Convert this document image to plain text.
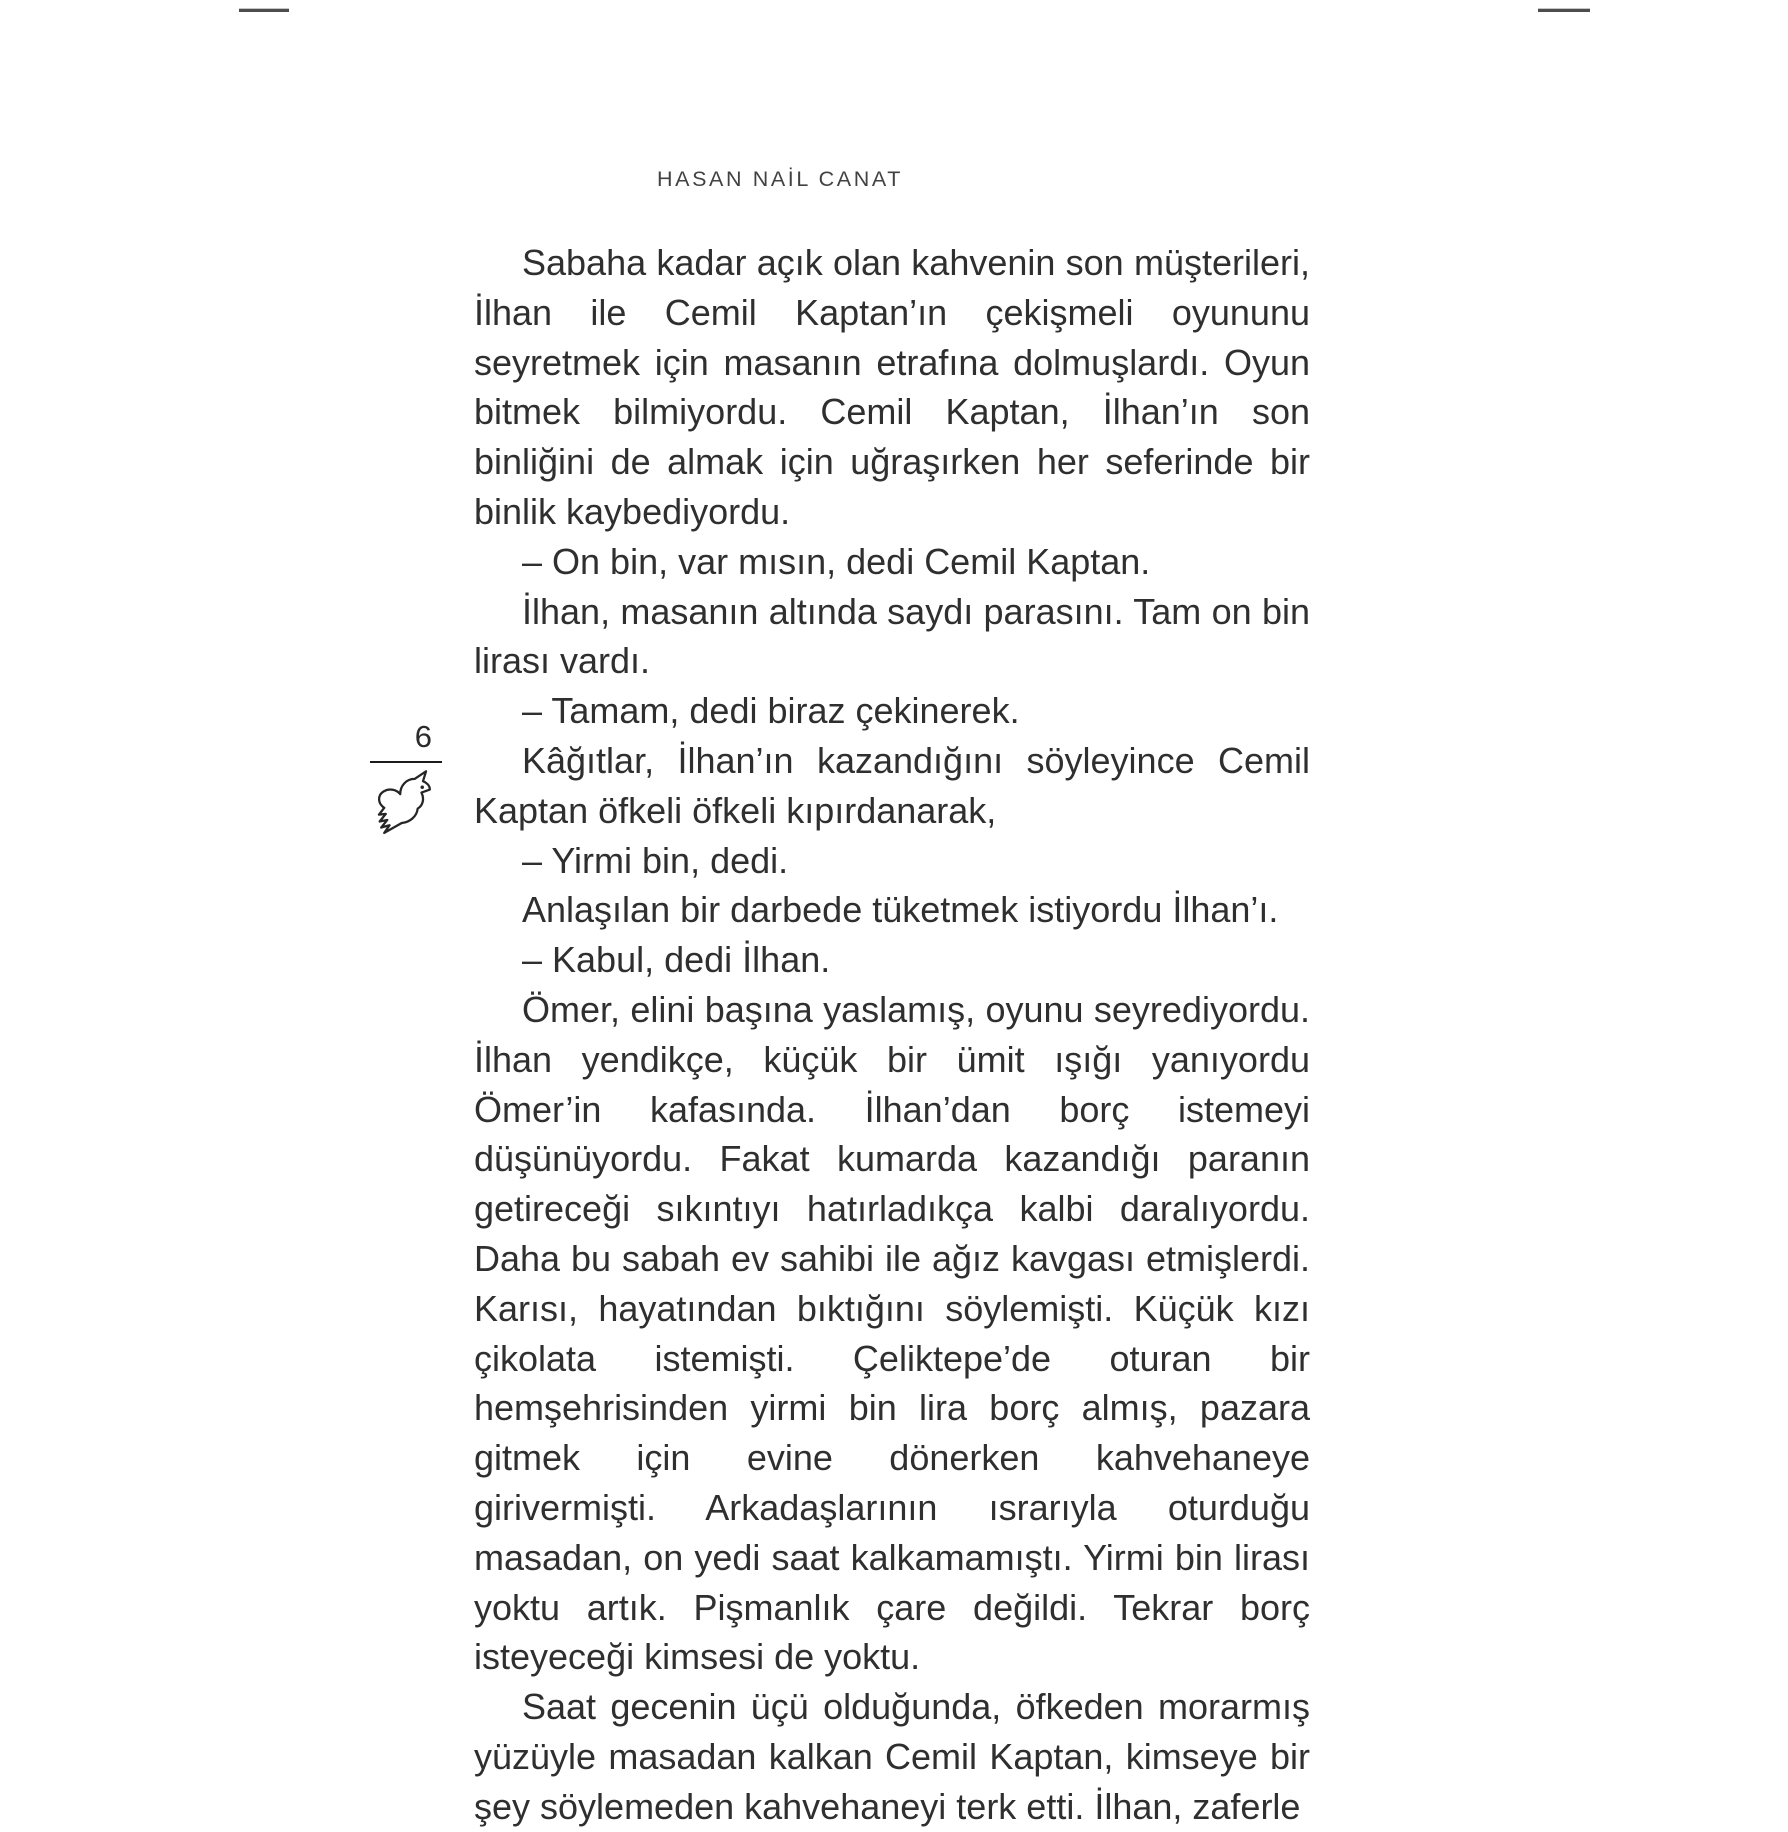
HASAN NAİL CANAT
6

Sabaha kadar açık olan kahvenin son müşterileri, İlhan ile Cemil Kaptan’ın çekişmeli oyununu seyretmek için masanın etrafına dolmuşlardı. Oyun bitmek bilmiyordu. Cemil Kaptan, İlhan’ın son binliğini de almak için uğraşırken her seferinde bir binlik kaybediyordu.

– On bin, var mısın, dedi Cemil Kaptan.

İlhan, masanın altında saydı parasını. Tam on bin lirası vardı.

– Tamam, dedi biraz çekinerek.

Kâğıtlar, İlhan’ın kazandığını söyleyince Cemil Kaptan öfkeli öfkeli kıpırdanarak,

– Yirmi bin, dedi.

Anlaşılan bir darbede tüketmek istiyordu İlhan’ı.

– Kabul, dedi İlhan.

Ömer, elini başına yaslamış, oyunu seyrediyordu. İlhan yendikçe, küçük bir ümit ışığı yanıyordu Ömer’in kafasında. İlhan’dan borç istemeyi düşünüyordu. Fakat kumarda kazandığı paranın getireceği sıkıntıyı hatırladıkça kalbi daralıyordu. Daha bu sabah ev sahibi ile ağız kavgası etmişlerdi. Karısı, hayatından bıktığını söylemişti. Küçük kızı çikolata istemişti. Çeliktepe’de oturan bir hemşehrisinden yirmi bin lira borç almış, pazara gitmek için evine dönerken kahvehaneye girivermişti. Arkadaşlarının ısrarıyla oturduğu masadan, on yedi saat kalkamamıştı. Yirmi bin lirası yoktu artık. Pişmanlık çare değildi. Tekrar borç isteyeceği kimsesi de yoktu.

Saat gecenin üçü olduğunda, öfkeden morarmış yüzüyle masadan kalkan Cemil Kaptan, kimseye bir şey söylemeden kahvehaneyi terk etti. İlhan, zaferle
